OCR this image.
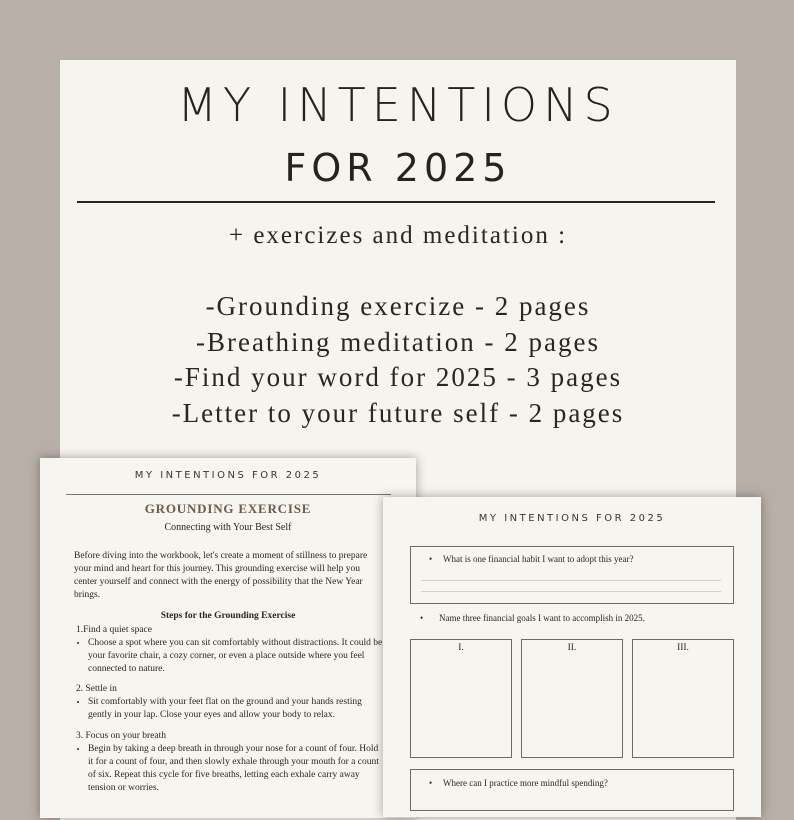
MY INTENTIONS
FOR 2025
+ exercizes and meditation :
-Grounding exercize - 2 pages
-Breathing meditation - 2 pages
-Find your word for 2025 - 3 pages
-Letter to your future self - 2 pages
MY INTENTIONS FOR 2025
GROUNDING EXERCISE
Connecting with Your Best Self
Before diving into the workbook, let's create a moment of stillness to prepare your mind and heart for this journey. This grounding exercise will help you center yourself and connect with the energy of possibility that the New Year brings.
Steps for the Grounding Exercise
1.Find a quiet space
• Choose a spot where you can sit comfortably without distractions. It could be your favorite chair, a cozy corner, or even a place outside where you feel connected to nature.
2. Settle in
• Sit comfortably with your feet flat on the ground and your hands resting gently in your lap. Close your eyes and allow your body to relax.
3. Focus on your breath
• Begin by taking a deep breath in through your nose for a count of four. Hold it for a count of four, and then slowly exhale through your mouth for a count of six. Repeat this cycle for five breaths, letting each exhale carry away tension or worries.
MY INTENTIONS FOR 2025
• What is one financial habit I want to adopt this year?
• Name three financial goals I want to accomplish in 2025.
I.	II.	III.
• Where can I practice more mindful spending?
